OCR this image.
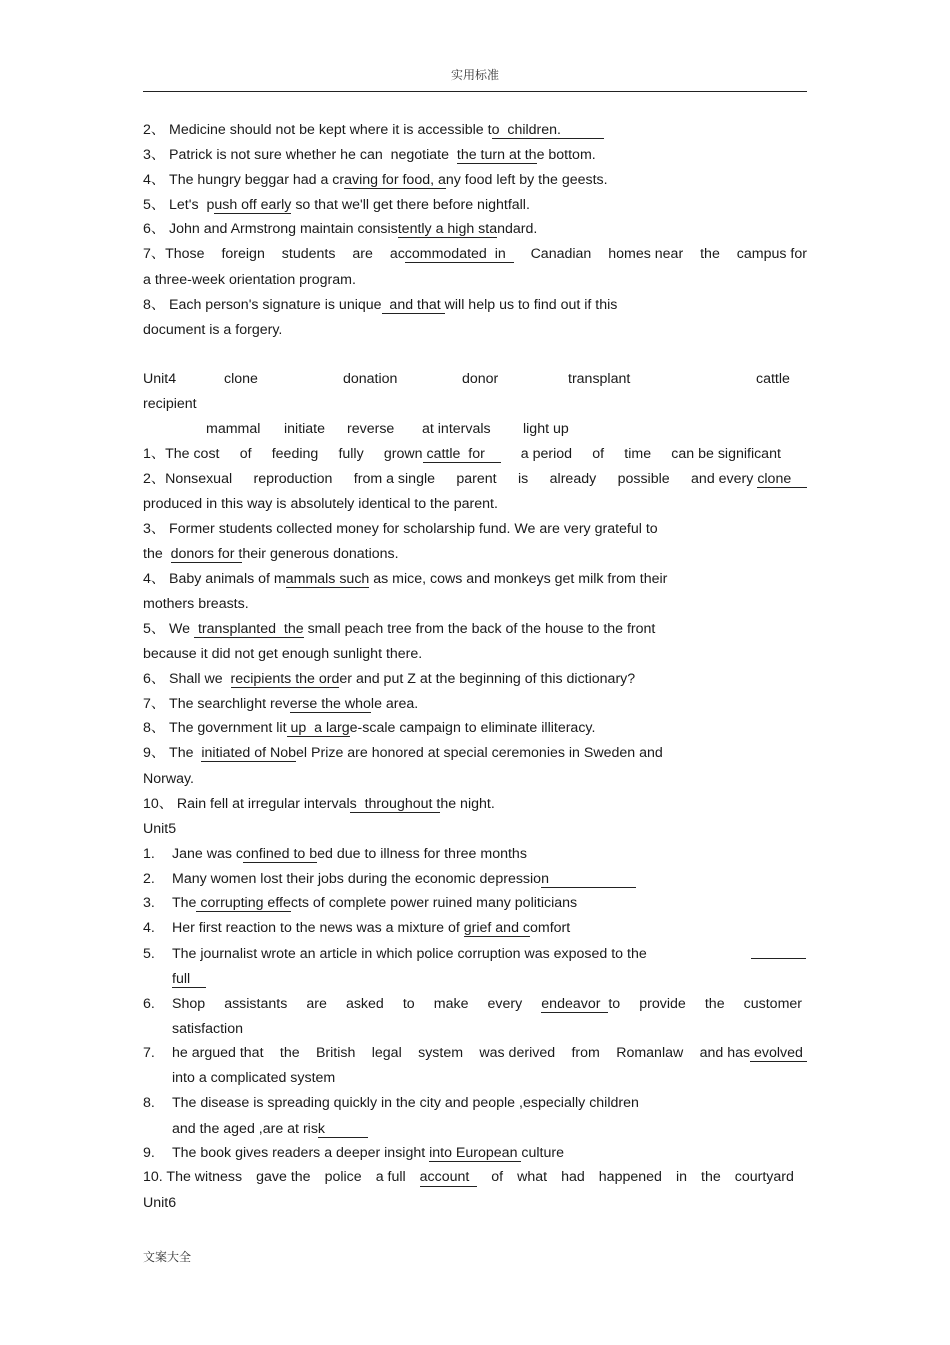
实用标准
2、 Medicine should not be kept where it is accessible to  children.
3、 Patrick is not sure whether he can  negotiate  the turn at the bottom.
4、 The hungry beggar had a craving for food, any food left by the geests.
5、 Let's  push off early so that we'll get there before nightfall.
6、 John and Armstrong maintain consistently a high standard.
7、Those foreign students are accommodated  in Canadian homes near the campus for
a three-week orientation program.
8、 Each person's signature is unique  and that will help us to find out if this
document is a forgery.
Unit4	clone	donation	donor	transplant	cattle
recipient
mammal initiate reverse at intervals light up
1、The cost of feeding fully grown cattle  for a period of time can be significant
2、Nonsexual reproduction from a single parent is already possible and every clone
produced in this way is absolutely identical to the parent.
3、 Former students collected money for scholarship fund. We are very grateful to
the  donors for their generous donations.
4、 Baby animals of mammals such as mice, cows and monkeys get milk from their
mothers breasts.
5、 We  transplanted  the small peach tree from the back of the house to the front
because it did not get enough sunlight there.
6、 Shall we  recipients the order and put Z at the beginning of this dictionary?
7、 The searchlight reverse the whole area.
8、 The government lit up  a large-scale campaign to eliminate illiteracy.
9、 The  initiated of Nobel Prize are honored at special ceremonies in Sweden and
Norway.
10、 Rain fell at irregular intervals  throughout the night.
Unit5
1.	Jane was confined to bed due to illness for three months
2.	Many women lost their jobs during the economic depression
3.	The corrupting effects of complete power ruined many politicians
4.	Her first reaction to the news was a mixture of grief and comfort
5.	The journalist wrote an article in which police corruption was exposed to the
full
6.	Shop assistants are asked to make every endeavor  to provide the customer
satisfaction
7.	he argued that the British legal system was derived from Romanlaw and has evolved
into a complicated system
8.	The disease is spreading quickly in the city and people ,especially children
and the aged ,are at risk
9.	The book gives readers a deeper insight into European culture
10. The witness gave the police a full account of what had happened in the courtyard
Unit6
文案大全
